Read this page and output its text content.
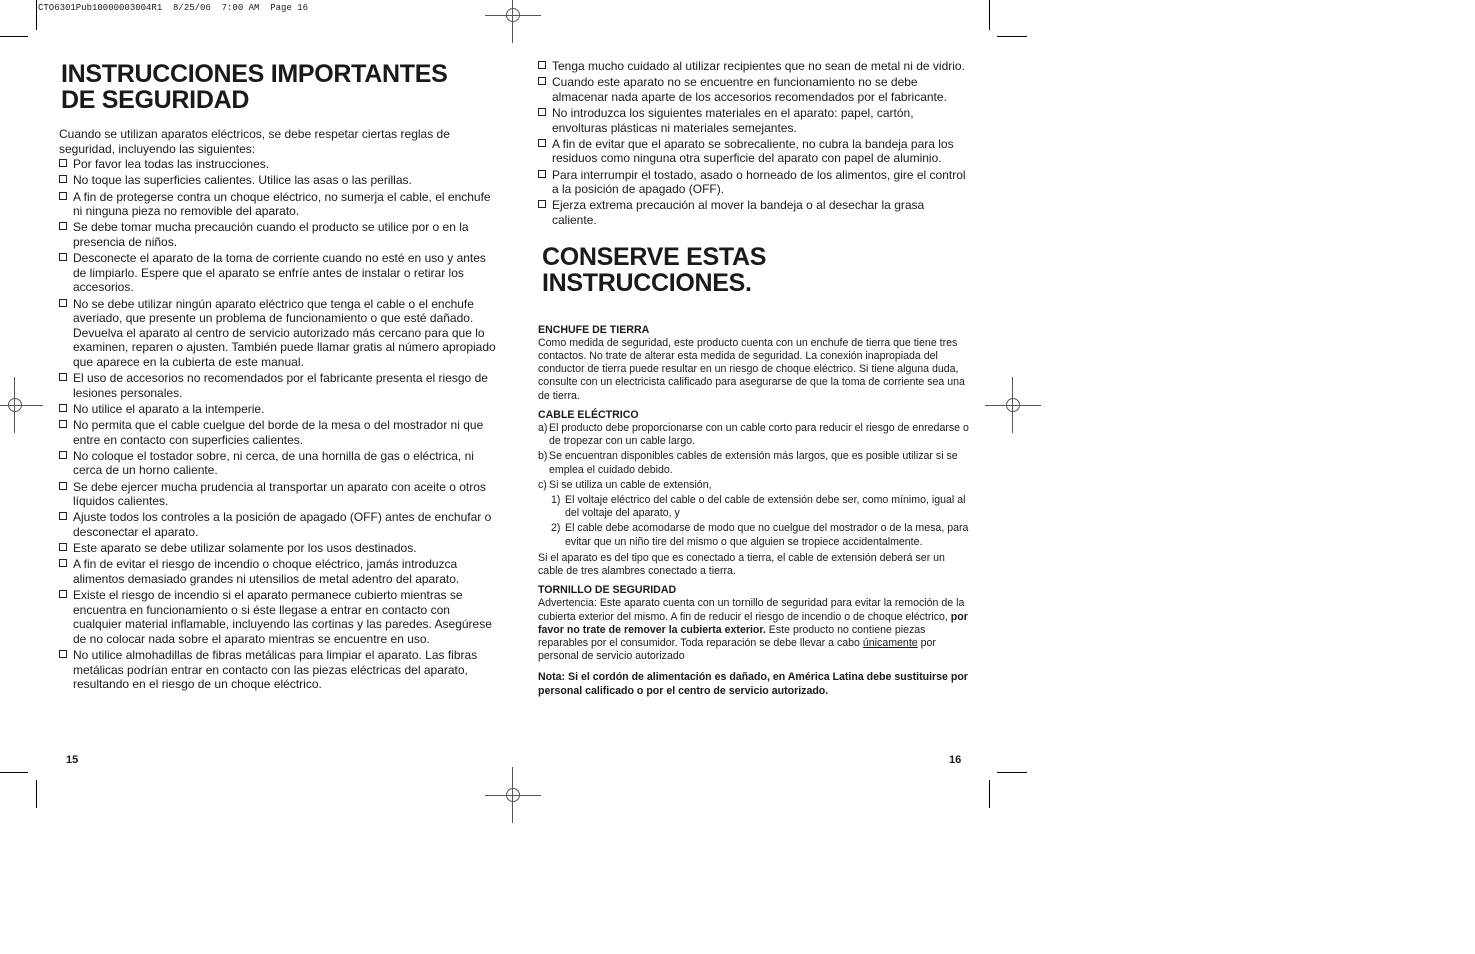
CTO6301Pub10000003004R1  8/25/06  7:00 AM  Page 16
INSTRUCCIONES IMPORTANTES
DE SEGURIDAD
Cuando se utilizan aparatos eléctricos, se debe respetar ciertas reglas de seguridad, incluyendo las siguientes:
Por favor lea todas las instrucciones.
No toque las superficies calientes. Utilice las asas o las perillas.
A fin de protegerse contra un choque eléctrico, no sumerja el cable, el enchufe ni ninguna pieza no removible del aparato.
Se debe tomar mucha precaución cuando el producto se utilice por o en la presencia de niños.
Desconecte el aparato de la toma de corriente cuando no esté en uso y antes de limpiarlo. Espere que el aparato se enfríe antes de instalar o retirar los accesorios.
No se debe utilizar ningún aparato eléctrico que tenga el cable o el enchufe averiado, que presente un problema de funcionamiento o que esté dañado. Devuelva el aparato al centro de servicio autorizado más cercano para que lo examinen, reparen o ajusten. También puede llamar gratis al número apropiado que aparece en la cubierta de este manual.
El uso de accesorios no recomendados por el fabricante presenta el riesgo de lesiones personales.
No utilice el aparato a la intemperie.
No permita que el cable cuelgue del borde de la mesa o del mostrador ni que entre en contacto con superficies calientes.
No coloque el tostador sobre, ni cerca, de una hornilla de gas o eléctrica, ni cerca de un horno caliente.
Se debe ejercer mucha prudencia al transportar un aparato con aceite o otros líquidos calientes.
Ajuste todos los controles a la posición de apagado (OFF) antes de enchufar o desconectar el aparato.
Este aparato se debe utilizar solamente por los usos destinados.
A fin de evitar el riesgo de incendio o choque eléctrico, jamás introduzca alimentos demasiado grandes ni utensilios de metal adentro del aparato.
Existe el riesgo de incendio si el aparato permanece cubierto mientras se encuentra en funcionamiento o si éste llegase a entrar en contacto con cualquier material inflamable, incluyendo las cortinas y las paredes. Asegúrese de no colocar nada sobre el aparato mientras se encuentre en uso.
No utilice almohadillas de fibras metálicas para limpiar el aparato. Las fibras metálicas podrían entrar en contacto con las piezas eléctricas del aparato, resultando en el riesgo de un choque eléctrico.
15
Tenga mucho cuidado al utilizar recipientes que no sean de metal ni de vidrio.
Cuando este aparato no se encuentre en funcionamiento no se debe almacenar nada aparte de los accesorios recomendados por el fabricante.
No introduzca los siguientes materiales en el aparato: papel, cartón, envolturas plásticas ni materiales semejantes.
A fin de evitar que el aparato se sobrecaliente, no cubra la bandeja para los residuos como ninguna otra superficie del aparato con papel de aluminio.
Para interrumpir el tostado, asado o horneado de los alimentos, gire el control a la posición de apagado (OFF).
Ejerza extrema precaución al mover la bandeja o al desechar la grasa caliente.
CONSERVE ESTAS INSTRUCCIONES.
ENCHUFE DE TIERRA
Como medida de seguridad, este producto cuenta con un enchufe de tierra que tiene tres contactos. No trate de alterar esta medida de seguridad. La conexión inapropiada del conductor de tierra puede resultar en un riesgo de choque eléctrico. Si tiene alguna duda, consulte con un electricista calificado para asegurarse de que la toma de corriente sea una de tierra.
CABLE ELÉCTRICO
a) El producto debe proporcionarse con un cable corto para reducir el riesgo de enredarse o de tropezar con un cable largo.
b) Se encuentran disponibles cables de extensión más largos, que es posible utilizar si se emplea el cuidado debido.
c) Si se utiliza un cable de extensión,
1) El voltaje eléctrico del cable o del cable de extensión debe ser, como mínimo, igual al del voltaje del aparato, y
2) El cable debe acomodarse de modo que no cuelgue del mostrador o de la mesa, para evitar que un niño tire del mismo o que alguien se tropiece accidentalmente.
Si el aparato es del tipo que es conectado a tierra, el cable de extensión deberá ser un cable de tres alambres conectado a tierra.
TORNILLO DE SEGURIDAD
Advertencia: Este aparato cuenta con un tornillo de seguridad para evitar la remoción de la cubierta exterior del mismo. A fin de reducir el riesgo de incendio o de choque eléctrico, por favor no trate de remover la cubierta exterior. Este producto no contiene piezas reparables por el consumidor. Toda reparación se debe llevar a cabo únicamente por personal de servicio autorizado
Nota: Si el cordón de alimentación es dañado, en América Latina debe sustituirse por personal calificado o por el centro de servicio autorizado.
16
